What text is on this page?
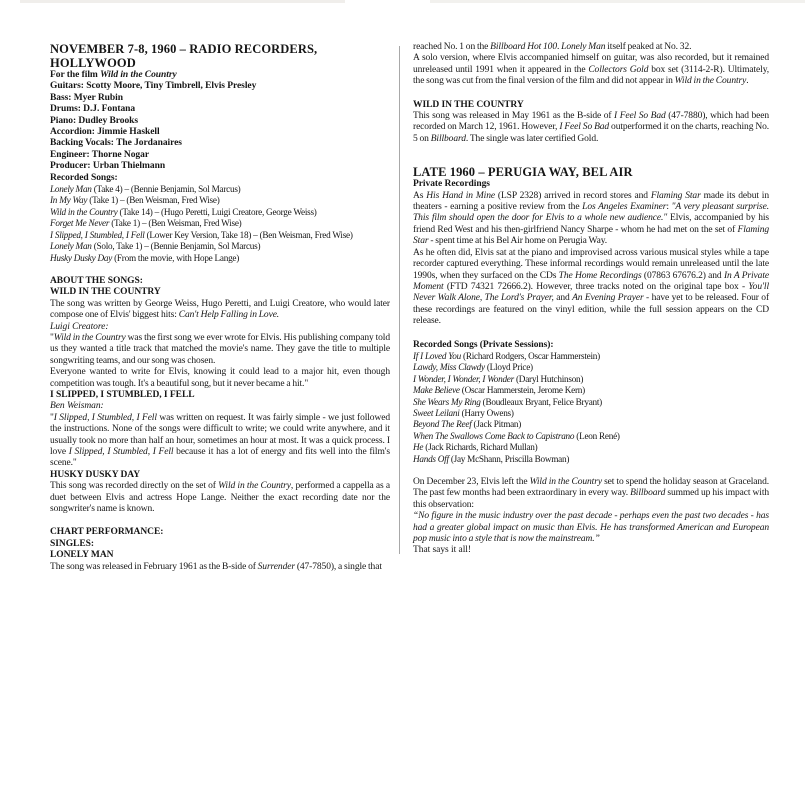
NOVEMBER 7-8, 1960 – RADIO RECORDERS, HOLLYWOOD
For the film Wild in the Country
Guitars: Scotty Moore, Tiny Timbrell, Elvis Presley
Bass: Myer Rubin
Drums: D.J. Fontana
Piano: Dudley Brooks
Accordion: Jimmie Haskell
Backing Vocals: The Jordanaires
Engineer: Thorne Nogar
Producer: Urban Thielmann
Recorded Songs:
Lonely Man (Take 4) – (Bennie Benjamin, Sol Marcus)
In My Way (Take 1) – (Ben Weisman, Fred Wise)
Wild in the Country (Take 14) – (Hugo Peretti, Luigi Creatore, George Weiss)
Forget Me Never (Take 1) – (Ben Weisman, Fred Wise)
I Slipped, I Stumbled, I Fell (Lower Key Version, Take 18) – (Ben Weisman, Fred Wise)
Lonely Man (Solo, Take 1) – (Bennie Benjamin, Sol Marcus)
Husky Dusky Day (From the movie, with Hope Lange)
ABOUT THE SONGS:
WILD IN THE COUNTRY
The song was written by George Weiss, Hugo Peretti, and Luigi Creatore, who would later compose one of Elvis' biggest hits: Can't Help Falling in Love.
Luigi Creatore:
"Wild in the Country was the first song we ever wrote for Elvis. His publishing company told us they wanted a title track that matched the movie's name. They gave the title to multiple songwriting teams, and our song was chosen.
Everyone wanted to write for Elvis, knowing it could lead to a major hit, even though competition was tough. It's a beautiful song, but it never became a hit."
I SLIPPED, I STUMBLED, I FELL
Ben Weisman:
"I Slipped, I Stumbled, I Fell was written on request. It was fairly simple - we just followed the instructions. None of the songs were difficult to write; we could write anywhere, and it usually took no more than half an hour, sometimes an hour at most. It was a quick process. I love I Slipped, I Stumbled, I Fell because it has a lot of energy and fits well into the film's scene."
HUSKY DUSKY DAY
This song was recorded directly on the set of Wild in the Country, performed a cappella as a duet between Elvis and actress Hope Lange. Neither the exact recording date nor the songwriter's name is known.
CHART PERFORMANCE:
SINGLES:
LONELY MAN
The song was released in February 1961 as the B-side of Surrender (47-7850), a single that
reached No. 1 on the Billboard Hot 100. Lonely Man itself peaked at No. 32.
A solo version, where Elvis accompanied himself on guitar, was also recorded, but it remained unreleased until 1991 when it appeared in the Collectors Gold box set (3114-2-R). Ultimately, the song was cut from the final version of the film and did not appear in Wild in the Country.
WILD IN THE COUNTRY
This song was released in May 1961 as the B-side of I Feel So Bad (47-7880), which had been recorded on March 12, 1961. However, I Feel So Bad outperformed it on the charts, reaching No. 5 on Billboard. The single was later certified Gold.
LATE 1960 – PERUGIA WAY, BEL AIR
Private Recordings
As His Hand in Mine (LSP 2328) arrived in record stores and Flaming Star made its debut in theaters - earning a positive review from the Los Angeles Examiner: "A very pleasant surprise. This film should open the door for Elvis to a whole new audience." Elvis, accompanied by his friend Red West and his then-girlfriend Nancy Sharpe - whom he had met on the set of Flaming Star - spent time at his Bel Air home on Perugia Way.
As he often did, Elvis sat at the piano and improvised across various musical styles while a tape recorder captured everything. These informal recordings would remain unreleased until the late 1990s, when they surfaced on the CDs The Home Recordings (07863 67676.2) and In A Private Moment (FTD 74321 72666.2). However, three tracks noted on the original tape box - You'll Never Walk Alone, The Lord's Prayer, and An Evening Prayer - have yet to be released. Four of these recordings are featured on the vinyl edition, while the full session appears on the CD release.
Recorded Songs (Private Sessions):
If I Loved You (Richard Rodgers, Oscar Hammerstein)
Lawdy, Miss Clawdy (Lloyd Price)
I Wonder, I Wonder, I Wonder (Daryl Hutchinson)
Make Believe (Oscar Hammerstein, Jerome Kern)
She Wears My Ring (Boudleaux Bryant, Felice Bryant)
Sweet Leilani (Harry Owens)
Beyond The Reef (Jack Pitman)
When The Swallows Come Back to Capistrano (Leon René)
He (Jack Richards, Richard Mullan)
Hands Off (Jay McShann, Priscilla Bowman)
On December 23, Elvis left the Wild in the Country set to spend the holiday season at Graceland. The past few months had been extraordinary in every way. Billboard summed up his impact with this observation:
“No figure in the music industry over the past decade - perhaps even the past two decades - has had a greater global impact on music than Elvis. He has transformed American and European pop music into a style that is now the mainstream.”
That says it all!
